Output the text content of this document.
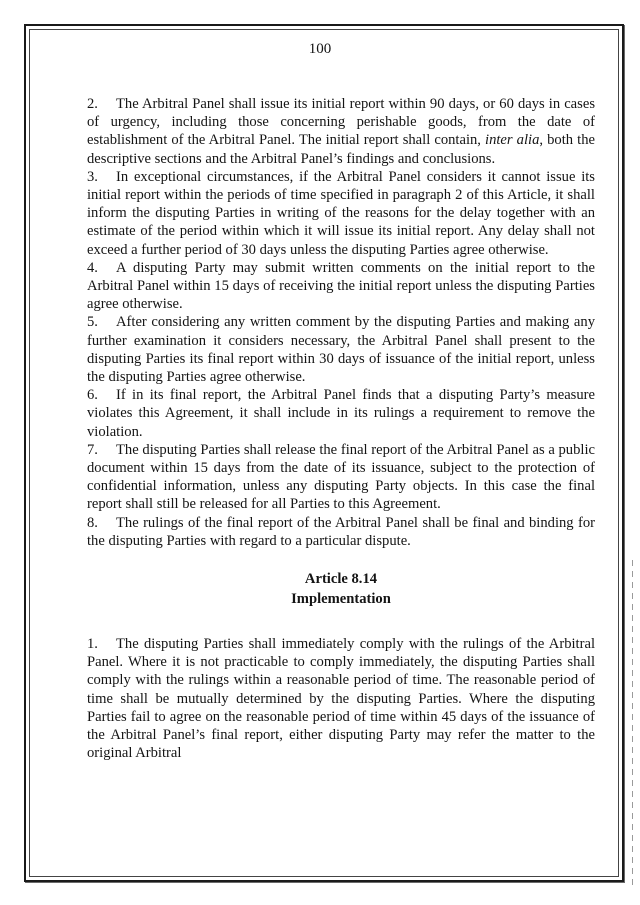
100

2. The Arbitral Panel shall issue its initial report within 90 days, or 60 days in cases of urgency, including those concerning perishable goods, from the date of establishment of the Arbitral Panel. The initial report shall contain, inter alia, both the descriptive sections and the Arbitral Panel’s findings and conclusions.

3. In exceptional circumstances, if the Arbitral Panel considers it cannot issue its initial report within the periods of time specified in paragraph 2 of this Article, it shall inform the disputing Parties in writing of the reasons for the delay together with an estimate of the period within which it will issue its initial report. Any delay shall not exceed a further period of 30 days unless the disputing Parties agree otherwise.

4. A disputing Party may submit written comments on the initial report to the Arbitral Panel within 15 days of receiving the initial report unless the disputing Parties agree otherwise.

5. After considering any written comment by the disputing Parties and making any further examination it considers necessary, the Arbitral Panel shall present to the disputing Parties its final report within 30 days of issuance of the initial report, unless the disputing Parties agree otherwise.

6. If in its final report, the Arbitral Panel finds that a disputing Party’s measure violates this Agreement, it shall include in its rulings a requirement to remove the violation.

7. The disputing Parties shall release the final report of the Arbitral Panel as a public document within 15 days from the date of its issuance, subject to the protection of confidential information, unless any disputing Party objects. In this case the final report shall still be released for all Parties to this Agreement.

8. The rulings of the final report of the Arbitral Panel shall be final and binding for the disputing Parties with regard to a particular dispute.

Article 8.14
Implementation

1. The disputing Parties shall immediately comply with the rulings of the Arbitral Panel. Where it is not practicable to comply immediately, the disputing Parties shall comply with the rulings within a reasonable period of time. The reasonable period of time shall be mutually determined by the disputing Parties. Where the disputing Parties fail to agree on the reasonable period of time within 45 days of the issuance of the Arbitral Panel’s final report, either disputing Party may refer the matter to the original Arbitral
